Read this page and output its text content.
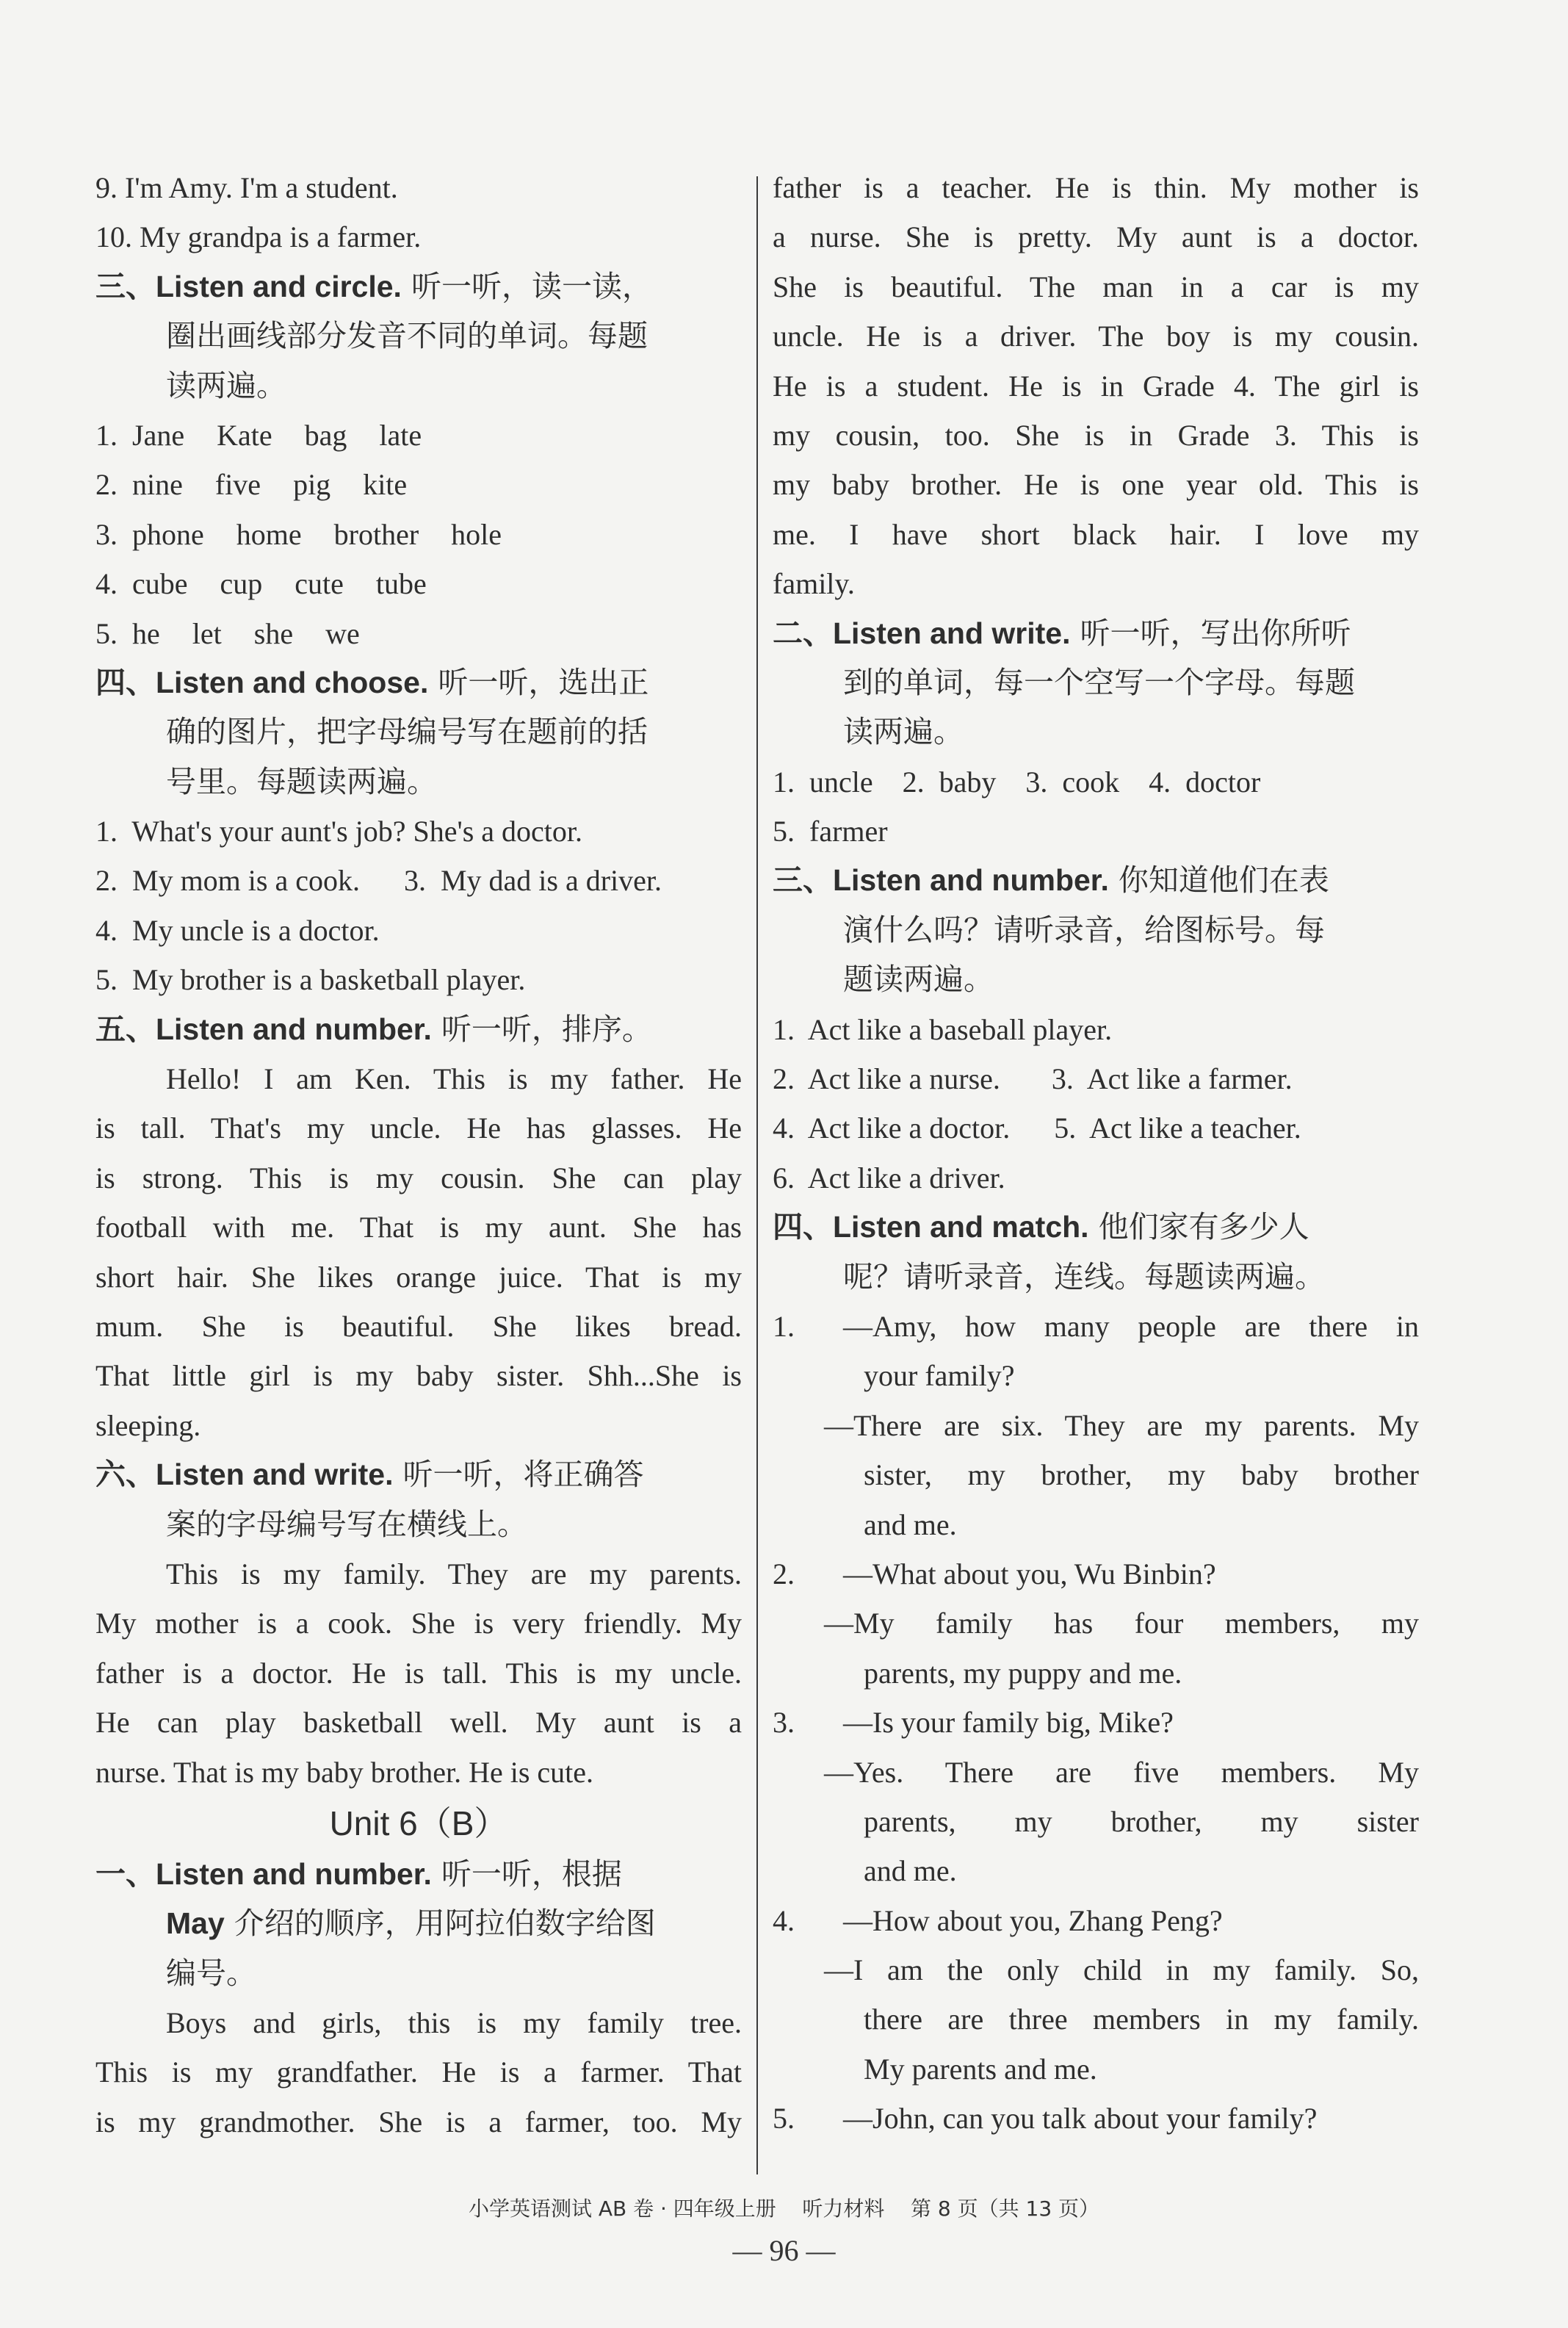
9. I'm Amy. I'm a student.
10. My grandpa is a farmer.
三、Listen and circle. 听一听，读一读，
圈出画线部分发音不同的单词。每题
读两遍。
1. Jane Kate bag late
2. nine five pig kite
3. phone home brother hole
4. cube cup cute tube
5. he let she we
四、Listen and choose. 听一听，选出正
确的图片，把字母编号写在题前的括
号里。每题读两遍。
1.  What's your aunt's job? She's a doctor.
2.  My mom is a cook.      3.  My dad is a driver.
4.  My uncle is a doctor.
5.  My brother is a basketball player.
五、Listen and number. 听一听，排序。
Hello! I am Ken. This is my father. He
is tall. That's my uncle. He has glasses. He
is strong. This is my cousin. She can play
football with me. That is my aunt. She has
short hair. She likes orange juice. That is my
mum. She is beautiful. She likes bread.
That little girl is my baby sister. Shh...She is
sleeping.
六、Listen and write. 听一听，将正确答
案的字母编号写在横线上。
This is my family. They are my parents.
My mother is a cook. She is very friendly. My
father is a doctor. He is tall. This is my uncle.
He can play basketball well. My aunt is a
nurse. That is my baby brother. He is cute.
Unit 6（B）
一、Listen and number. 听一听，根据
May 介绍的顺序，用阿拉伯数字给图
编号。
Boys and girls, this is my family tree.
This is my grandfather. He is a farmer. That
is my grandmother. She is a farmer, too. My
father is a teacher. He is thin. My mother is
a nurse. She is pretty. My aunt is a doctor.
She is beautiful. The man in a car is my
uncle. He is a driver. The boy is my cousin.
He is a student. He is in Grade 4. The girl is
my cousin, too. She is in Grade 3. This is
my baby brother. He is one year old. This is
me. I have short black hair. I love my
family.
二、Listen and write. 听一听，写出你所听
到的单词，每一个空写一个字母。每题
读两遍。
1.  uncle    2.  baby    3.  cook    4.  doctor
5.  farmer
三、Listen and number. 你知道他们在表
演什么吗？请听录音，给图标号。每
题读两遍。
1.  Act like a baseball player.
2.  Act like a nurse.       3.  Act like a farmer.
4.  Act like a doctor.      5.  Act like a teacher.
6.  Act like a driver.
四、Listen and match. 他们家有多少人
呢？请听录音，连线。每题读两遍。
1.	—Amy, how many people are there in
your family?
—There are six. They are my parents. My
sister, my brother, my baby brother
and me.
2.	—What about you, Wu Binbin?
—My family has four members, my
parents, my puppy and me.
3.	—Is your family big, Mike?
—Yes. There are five members. My
parents, my brother, my sister
and me.
4.	—How about you, Zhang Peng?
—I am the only child in my family. So,
there are three members in my family.
My parents and me.
5.	—John, can you talk about your family?
小学英语测试 AB 卷 · 四年级上册    听力材料    第 8 页（共 13 页）
— 96 —
